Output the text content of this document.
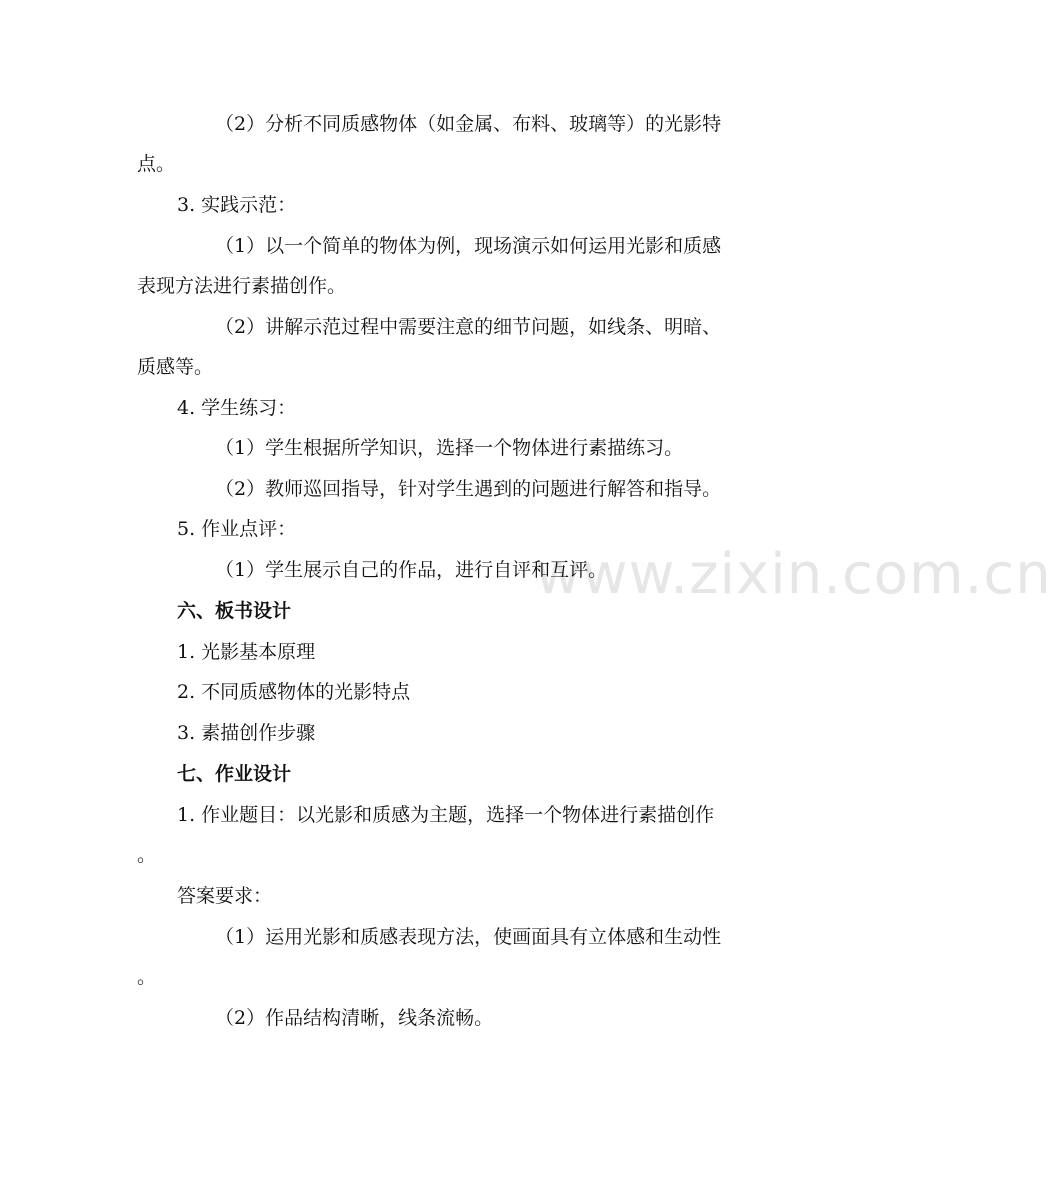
www.zixin.com.cn
（2）分析不同质感物体（如金属、布料、玻璃等）的光影特
点。
3. 实践示范：
（1）以一个简单的物体为例，现场演示如何运用光影和质感
表现方法进行素描创作。
（2）讲解示范过程中需要注意的细节问题，如线条、明暗、
质感等。
4. 学生练习：
（1）学生根据所学知识，选择一个物体进行素描练习。
（2）教师巡回指导，针对学生遇到的问题进行解答和指导。
5. 作业点评：
（1）学生展示自己的作品，进行自评和互评。
六、板书设计
1. 光影基本原理
2. 不同质感物体的光影特点
3. 素描创作步骤
七、作业设计
1. 作业题目：以光影和质感为主题，选择一个物体进行素描创作
。
答案要求：
（1）运用光影和质感表现方法，使画面具有立体感和生动性
。
（2）作品结构清晰，线条流畅。
